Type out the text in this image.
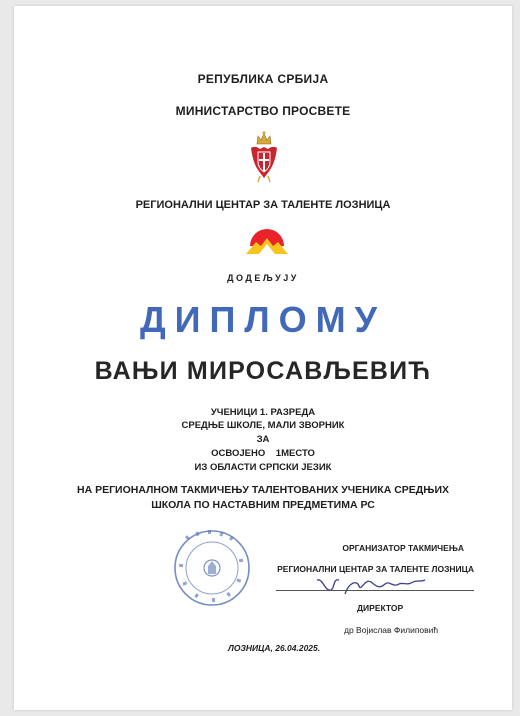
РЕПУБЛИКА СРБИЈА
МИНИСТАРСТВО ПРОСВЕТЕ
РЕГИОНАЛНИ ЦЕНТАР ЗА ТАЛЕНТЕ ЛОЗНИЦА
ДОДЕЉУЈУ
ДИПЛОМУ
ВАЊИ МИРОСАВЉЕВИЋ
УЧЕНИЦИ 1. РАЗРЕДА
СРЕДЊЕ ШКОЛЕ, МАЛИ ЗВОРНИК
ЗА
ОСВОЈЕНО    1МЕСТО
ИЗ ОБЛАСТИ СРПСКИ ЈЕЗИК
НА РЕГИОНАЛНОМ ТАКМИЧЕЊУ ТАЛЕНТОВАНИХ УЧЕНИКА СРЕДЊИХ
ШКОЛА ПО НАСТАВНИМ ПРЕДМЕТИМА РС
ОРГАНИЗАТОР ТАКМИЧЕЊА
РЕГИОНАЛНИ ЦЕНТАР ЗА ТАЛЕНТЕ ЛОЗНИЦА
ДИРЕКТОР
др Војислав Филиповић
ЛОЗНИЦА, 26.04.2025.
